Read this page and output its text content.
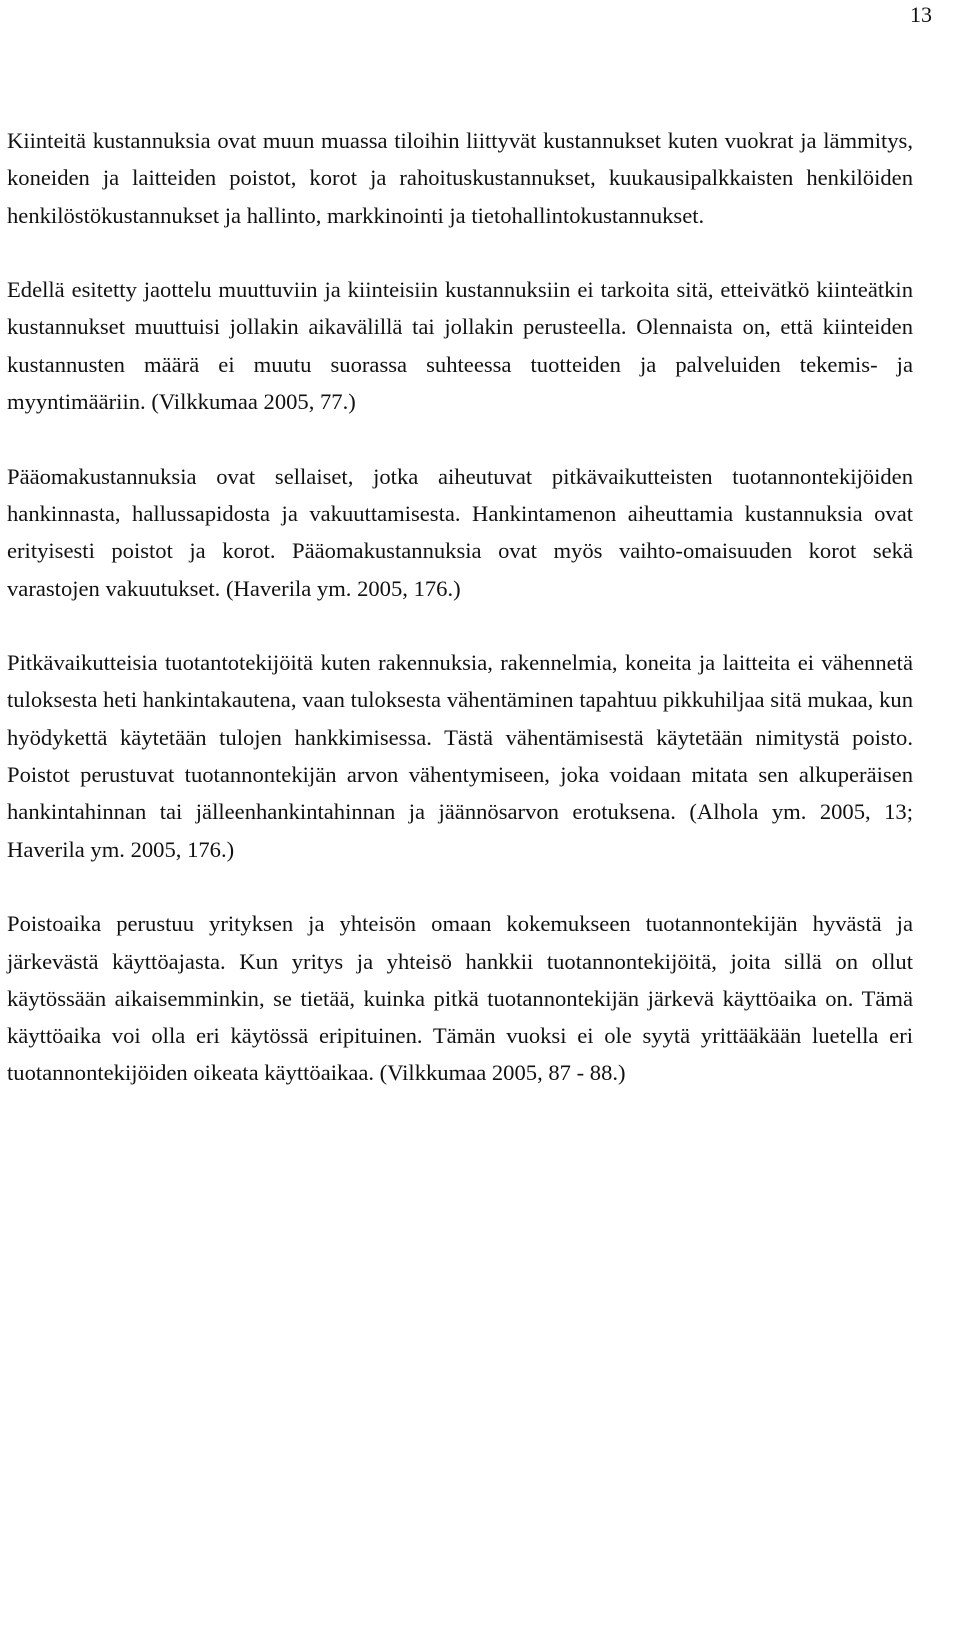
13

Kiinteitä kustannuksia ovat muun muassa tiloihin liittyvät kustannukset kuten vuokrat ja lämmitys, koneiden ja laitteiden poistot, korot ja rahoituskustannukset, kuukausipalkkaisten henkilöiden henkilöstökustannukset ja hallinto, markkinointi ja tietohallintokustannukset.

Edellä esitetty jaottelu muuttuviin ja kiinteisiin kustannuksiin ei tarkoita sitä, etteivätkö kiinteätkin kustannukset muuttuisi jollakin aikavälillä tai jollakin perusteella. Olennaista on, että kiinteiden kustannusten määrä ei muutu suorassa suhteessa tuotteiden ja palveluiden tekemis- ja myyntimääriin. (Vilkkumaa 2005, 77.)

Pääomakustannuksia ovat sellaiset, jotka aiheutuvat pitkävaikutteisten tuotannontekijöiden hankinnasta, hallussapidosta ja vakuuttamisesta. Hankintamenon aiheuttamia kustannuksia ovat erityisesti poistot ja korot. Pääomakustannuksia ovat myös vaihto-omaisuuden korot sekä varastojen vakuutukset. (Haverila ym. 2005, 176.)

Pitkävaikutteisia tuotantotekijöitä kuten rakennuksia, rakennelmia, koneita ja laitteita ei vähennetä tuloksesta heti hankintakautena, vaan tuloksesta vähentäminen tapahtuu pikkuhiljaa sitä mukaa, kun hyödykettä käytetään tulojen hankkimisessa. Tästä vähentämisestä käytetään nimitystä poisto. Poistot perustuvat tuotannontekijän arvon vähentymiseen, joka voidaan mitata sen alkuperäisen hankintahinnan tai jälleenhankintahinnan ja jäännösarvon erotuksena. (Alhola ym. 2005, 13; Haverila ym. 2005, 176.)

Poistoaika perustuu yrityksen ja yhteisön omaan kokemukseen tuotannontekijän hyvästä ja järkevästä käyttöajasta. Kun yritys ja yhteisö hankkii tuotannontekijöitä, joita sillä on ollut käytössään aikaisemminkin, se tietää, kuinka pitkä tuotannontekijän järkevä käyttöaika on. Tämä käyttöaika voi olla eri käytössä eripituinen. Tämän vuoksi ei ole syytä yrittääkään luetella eri tuotannontekijöiden oikeata käyttöaikaa. (Vilkkumaa 2005, 87 - 88.)
